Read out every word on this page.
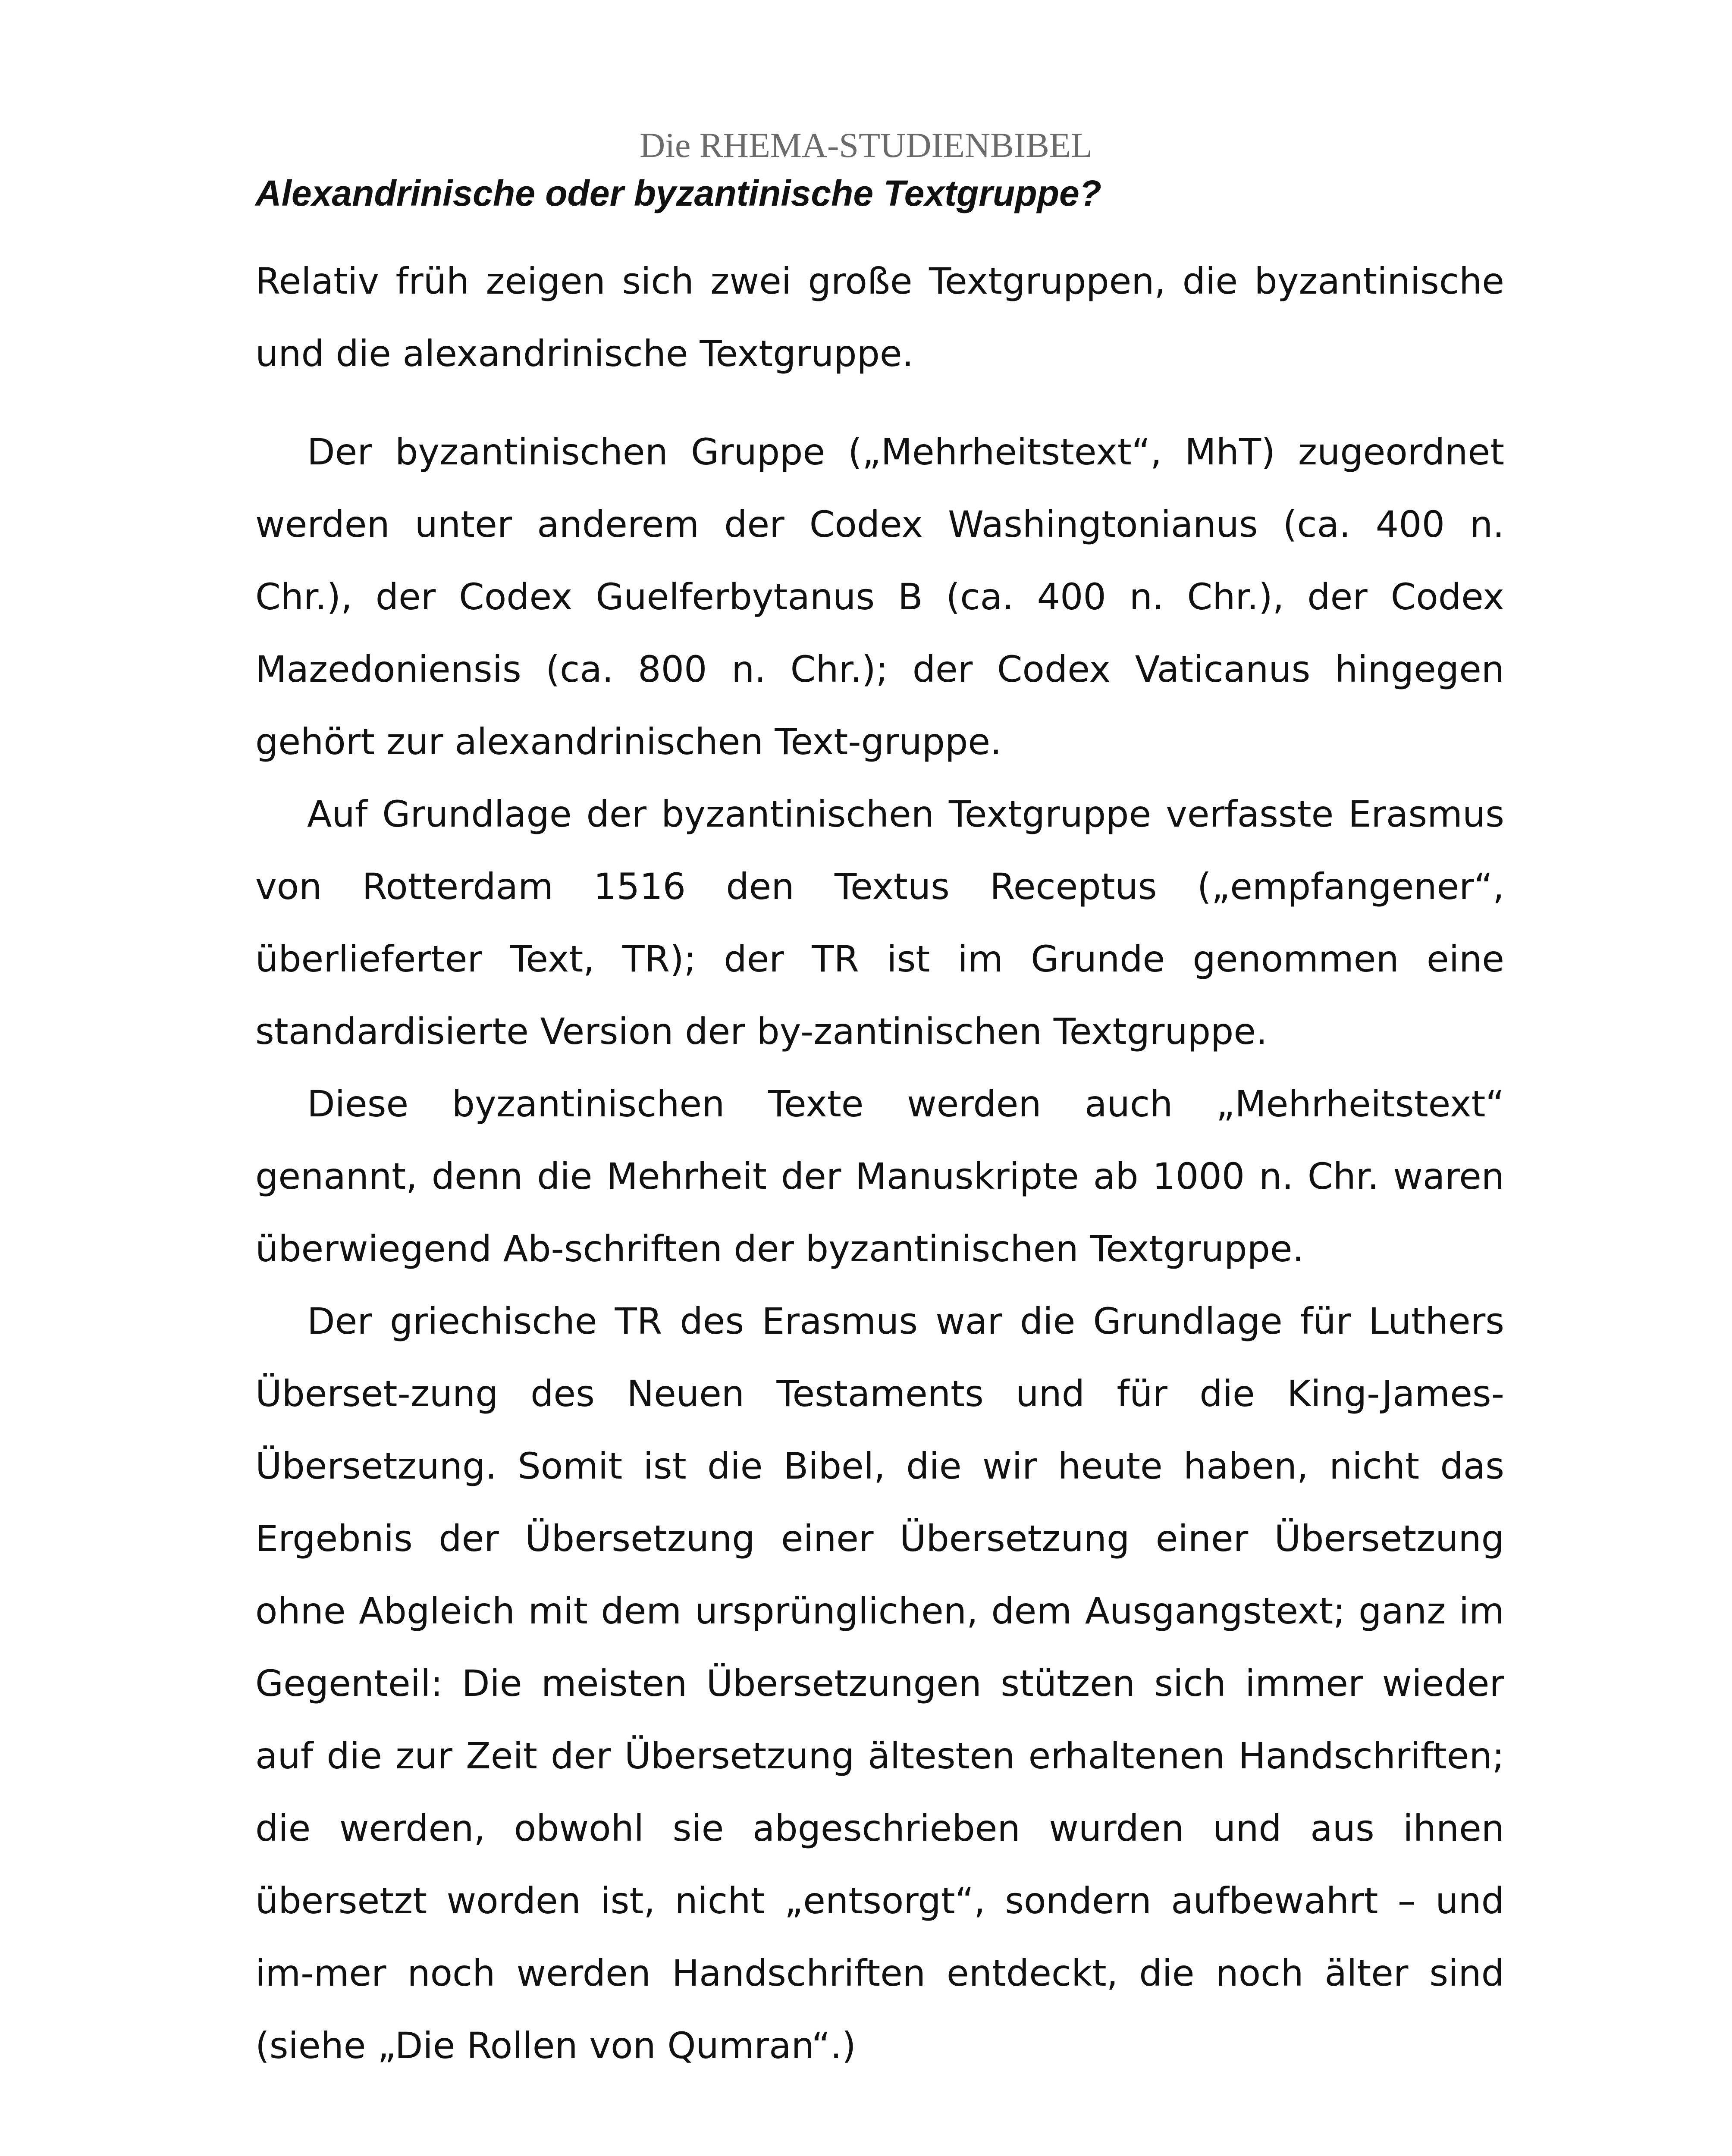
Die RHEMA-STUDIENBIBEL
Alexandrinische oder byzantinische Textgruppe?

Relativ früh zeigen sich zwei große Textgruppen, die byzantinische und die alexandrinische Textgruppe.

Der byzantinischen Gruppe („Mehrheitstext“, MhT) zugeordnet werden unter anderem der Codex Washingtonianus (ca. 400 n. Chr.), der Codex Guelferbytanus B (ca. 400 n. Chr.), der Codex Mazedoniensis (ca. 800 n. Chr.); der Codex Vaticanus hingegen gehört zur alexandrinischen Text-gruppe.

Auf Grundlage der byzantinischen Textgruppe verfasste Erasmus von Rotterdam 1516 den Textus Receptus („empfangener“, überlieferter Text, TR); der TR ist im Grunde genommen eine standardisierte Version der by-zantinischen Textgruppe.

Diese byzantinischen Texte werden auch „Mehrheitstext“ genannt, denn die Mehrheit der Manuskripte ab 1000 n. Chr. waren überwiegend Ab-schriften der byzantinischen Textgruppe.

Der griechische TR des Erasmus war die Grundlage für Luthers Überset-zung des Neuen Testaments und für die King-James-Übersetzung. Somit ist die Bibel, die wir heute haben, nicht das Ergebnis der Übersetzung einer Übersetzung einer Übersetzung ohne Abgleich mit dem ursprünglichen, dem Ausgangstext; ganz im Gegenteil: Die meisten Übersetzungen stützen sich immer wieder auf die zur Zeit der Übersetzung ältesten erhaltenen Handschriften; die werden, obwohl sie abgeschrieben wurden und aus ihnen übersetzt worden ist, nicht „entsorgt“, sondern aufbewahrt – und im-mer noch werden Handschriften entdeckt, die noch älter sind (siehe „Die Rollen von Qumran“.)
